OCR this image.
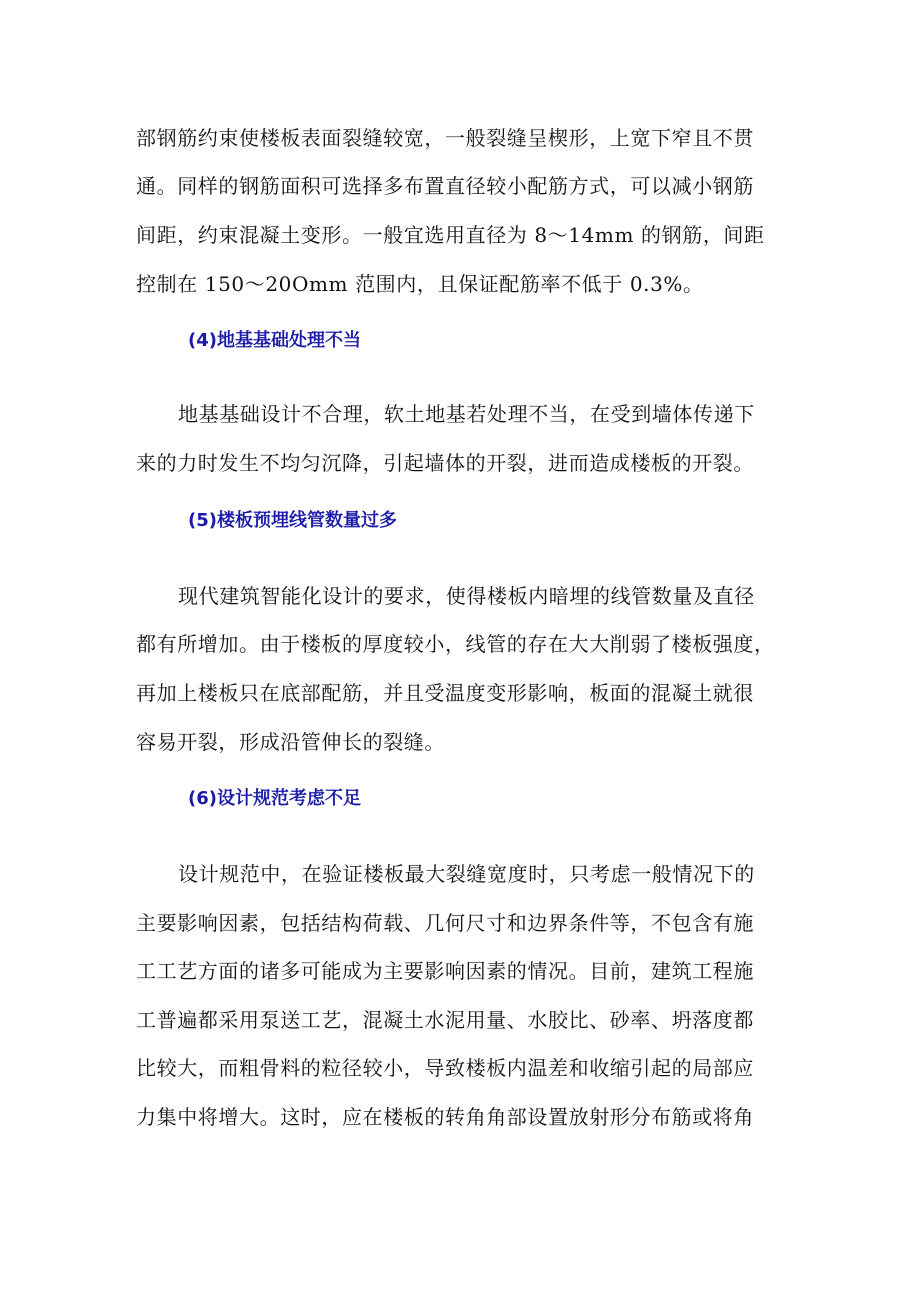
部钢筋约束使楼板表面裂缝较宽，一般裂缝呈楔形，上宽下窄且不贯
通。同样的钢筋面积可选择多布置直径较小配筋方式，可以减小钢筋
间距，约束混凝土变形。一般宜选用直径为 8～14mm 的钢筋，间距
控制在 150～20Omm 范围内，且保证配筋率不低于 0.3%。
(4)地基基础处理不当
地基基础设计不合理，软土地基若处理不当，在受到墙体传递下
来的力时发生不均匀沉降，引起墙体的开裂，进而造成楼板的开裂。
(5)楼板预埋线管数量过多
现代建筑智能化设计的要求，使得楼板内暗埋的线管数量及直径
都有所增加。由于楼板的厚度较小，线管的存在大大削弱了楼板强度，
再加上楼板只在底部配筋，并且受温度变形影响，板面的混凝土就很
容易开裂，形成沿管伸长的裂缝。
(6)设计规范考虑不足
设计规范中，在验证楼板最大裂缝宽度时，只考虑一般情况下的
主要影响因素，包括结构荷载、几何尺寸和边界条件等，不包含有施
工工艺方面的诸多可能成为主要影响因素的情况。目前，建筑工程施
工普遍都采用泵送工艺，混凝土水泥用量、水胶比、砂率、坍落度都
比较大，而粗骨料的粒径较小，导致楼板内温差和收缩引起的局部应
力集中将增大。这时，应在楼板的转角角部设置放射形分布筋或将角
